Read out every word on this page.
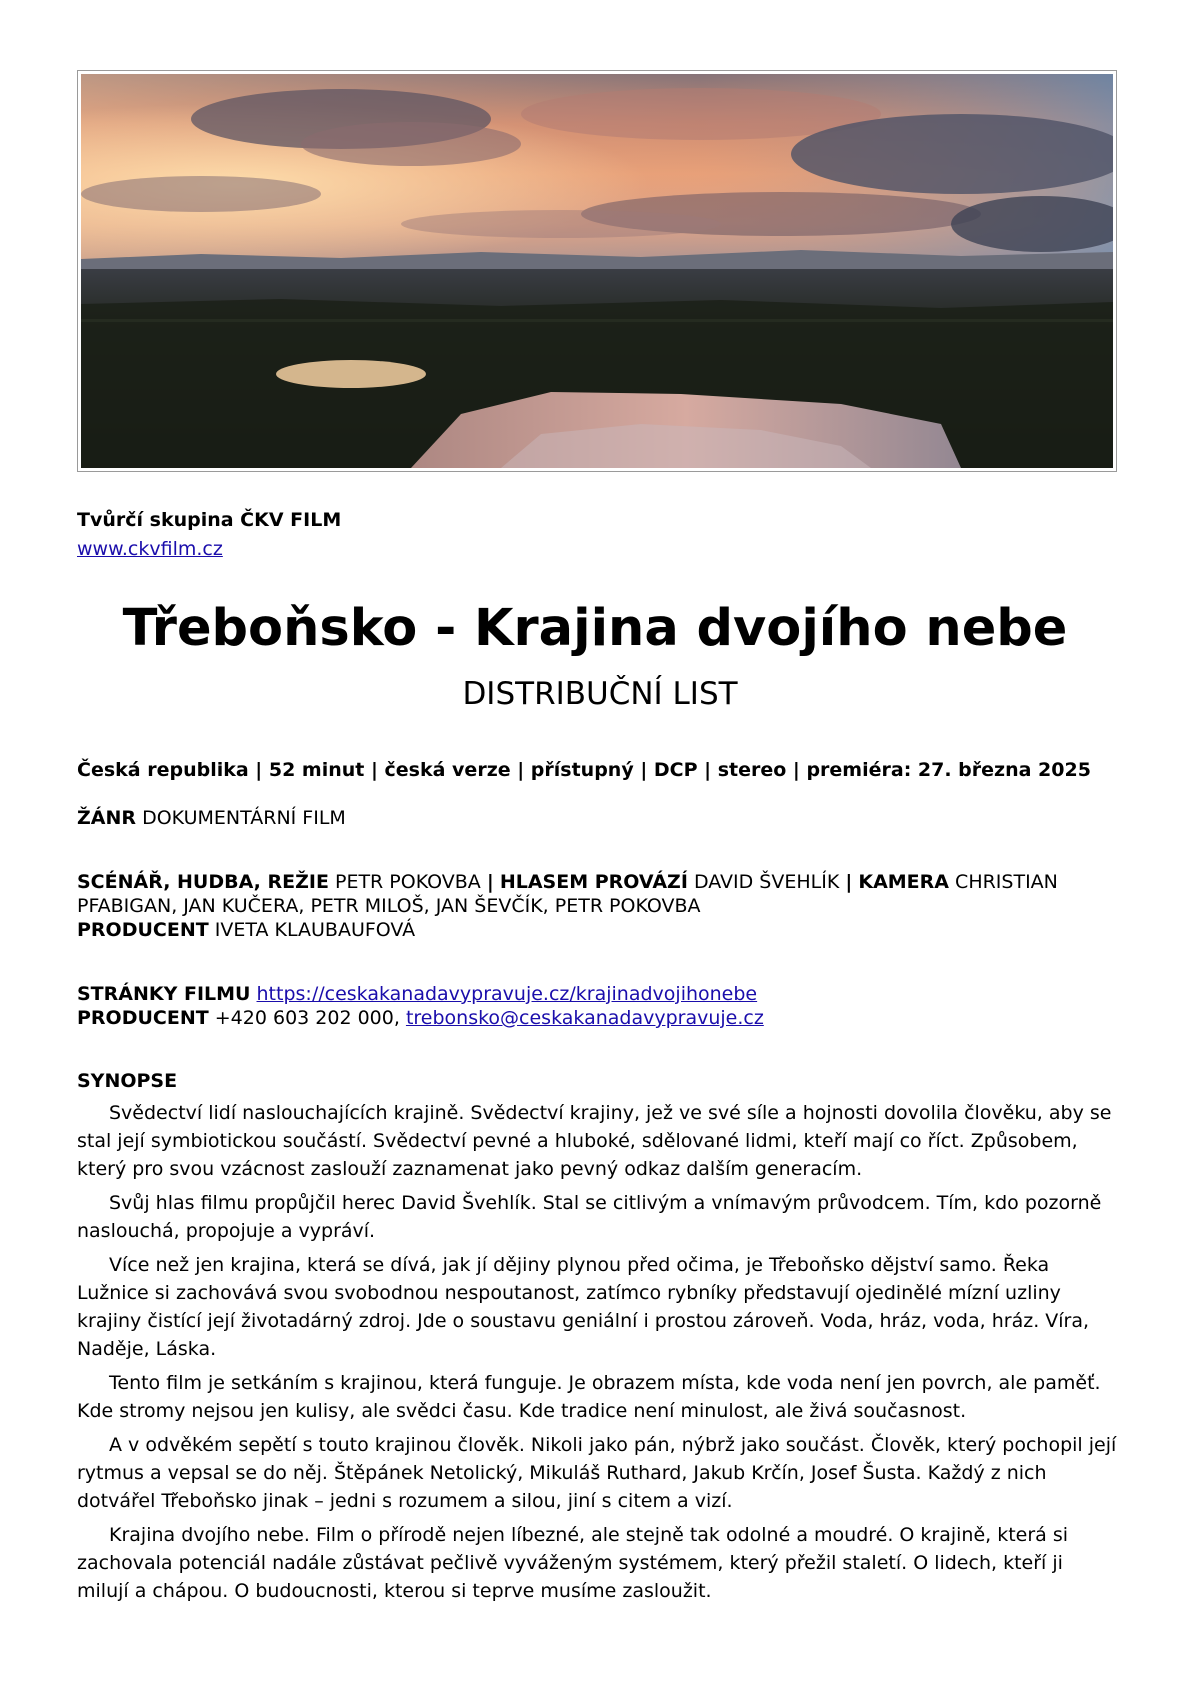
Tvůrčí skupina ČKV FILM
www.ckvfilm.cz
Třeboňsko - Krajina dvojího nebe
DISTRIBUČNÍ LIST
Česká republika | 52 minut | česká verze | přístupný | DCP | stereo | premiéra: 27. března 2025
ŽÁNR DOKUMENTÁRNÍ FILM
SCÉNÁŘ, HUDBA, REŽIE PETR POKOVBA | HLASEM PROVÁZÍ DAVID ŠVEHLÍK | KAMERA CHRISTIAN PFABIGAN, JAN KUČERA, PETR MILOŠ, JAN ŠEVČÍK, PETR POKOVBA
PRODUCENT IVETA KLAUBAUFOVÁ
STRÁNKY FILMU https://ceskakanadavypravuje.cz/krajinadvojihonebe
PRODUCENT +420 603 202 000, trebonsko@ceskakanadavypravuje.cz
SYNOPSE

Svědectví lidí naslouchajících krajině. Svědectví krajiny, jež ve své síle a hojnosti dovolila člověku, aby se stal její symbiotickou součástí. Svědectví pevné a hluboké, sdělované lidmi, kteří mají co říct. Způsobem, který pro svou vzácnost zaslouží zaznamenat jako pevný odkaz dalším generacím.

Svůj hlas filmu propůjčil herec David Švehlík. Stal se citlivým a vnímavým průvodcem. Tím, kdo pozorně naslouchá, propojuje a vypráví.

Více než jen krajina, která se dívá, jak jí dějiny plynou před očima, je Třeboňsko dějství samo. Řeka Lužnice si zachovává svou svobodnou nespoutanost, zatímco rybníky představují ojedinělé mízní uzliny krajiny čistící její životadárný zdroj. Jde o soustavu geniální i prostou zároveň. Voda, hráz, voda, hráz. Víra, Naděje, Láska.

Tento film je setkáním s krajinou, která funguje. Je obrazem místa, kde voda není jen povrch, ale paměť. Kde stromy nejsou jen kulisy, ale svědci času. Kde tradice není minulost, ale živá současnost.

A v odvěkém sepětí s touto krajinou člověk. Nikoli jako pán, nýbrž jako součást. Člověk, který pochopil její rytmus a vepsal se do něj. Štěpánek Netolický, Mikuláš Ruthard, Jakub Krčín, Josef Šusta. Každý z nich dotvářel Třeboňsko jinak – jedni s rozumem a silou, jiní s citem a vizí.

Krajina dvojího nebe. Film o přírodě nejen líbezné, ale stejně tak odolné a moudré. O krajině, která si zachovala potenciál nadále zůstávat pečlivě vyváženým systémem, který přežil staletí. O lidech, kteří ji milují a chápou. O budoucnosti, kterou si teprve musíme zasloužit.
